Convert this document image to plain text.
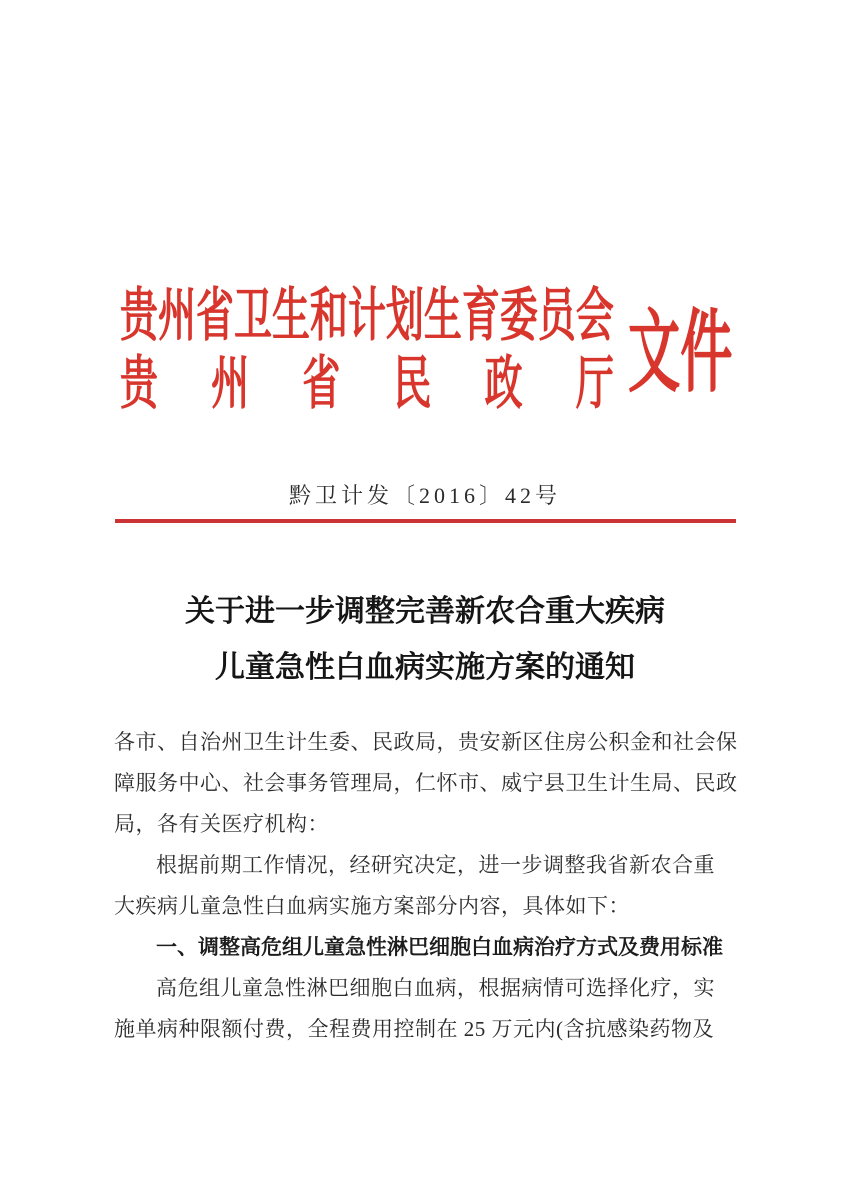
贵州省卫生和计划生育委员会
贵 州 省 民 政 厅 文件
黔卫计发〔2016〕42号
关于进一步调整完善新农合重大疾病
儿童急性白血病实施方案的通知
各市、自治州卫生计生委、民政局，贵安新区住房公积金和社会保
障服务中心、社会事务管理局，仁怀市、威宁县卫生计生局、民政
局，各有关医疗机构：
根据前期工作情况，经研究决定，进一步调整我省新农合重
大疾病儿童急性白血病实施方案部分内容，具体如下：
一、调整高危组儿童急性淋巴细胞白血病治疗方式及费用标准
高危组儿童急性淋巴细胞白血病，根据病情可选择化疗，实
施单病种限额付费，全程费用控制在 25 万元内(含抗感染药物及
